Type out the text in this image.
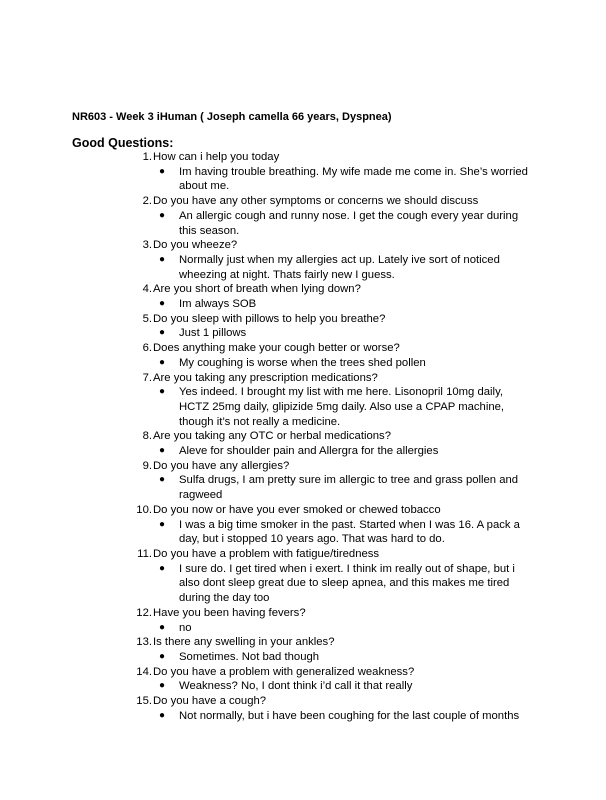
NR603 - Week 3 iHuman ( Joseph camella 66 years, Dyspnea)
Good Questions:
1. How can i help you today
● Im having trouble breathing. My wife made me come in. She’s worried about me.
2. Do you have any other symptoms or concerns we should discuss
● An allergic cough and runny nose. I get the cough every year during this season.
3. Do you wheeze?
● Normally just when my allergies act up. Lately ive sort of noticed wheezing at night. Thats fairly new I guess.
4. Are you short of breath when lying down?
● Im always SOB
5. Do you sleep with pillows to help you breathe?
● Just 1 pillows
6. Does anything make your cough better or worse?
● My coughing is worse when the trees shed pollen
7. Are you taking any prescription medications?
● Yes indeed. I brought my list with me here. Lisonopril 10mg daily, HCTZ 25mg daily, glipizide 5mg daily. Also use a CPAP machine, though it’s not really a medicine.
8. Are you taking any OTC or herbal medications?
● Aleve for shoulder pain and Allergra for the allergies
9. Do you have any allergies?
● Sulfa drugs, I am pretty sure im allergic to tree and grass pollen and ragweed
10. Do you now or have you ever smoked or chewed tobacco
● I was a big time smoker in the past. Started when I was 16. A pack a day, but i stopped 10 years ago. That was hard to do.
11. Do you have a problem with fatigue/tiredness
● I sure do. I get tired when i exert. I think im really out of shape, but i also dont sleep great due to sleep apnea, and this makes me tired during the day too
12. Have you been having fevers?
● no
13. Is there any swelling in your ankles?
● Sometimes. Not bad though
14. Do you have a problem with generalized weakness?
● Weakness? No, I dont think i’d call it that really
15. Do you have a cough?
● Not normally, but i have been coughing for the last couple of months
